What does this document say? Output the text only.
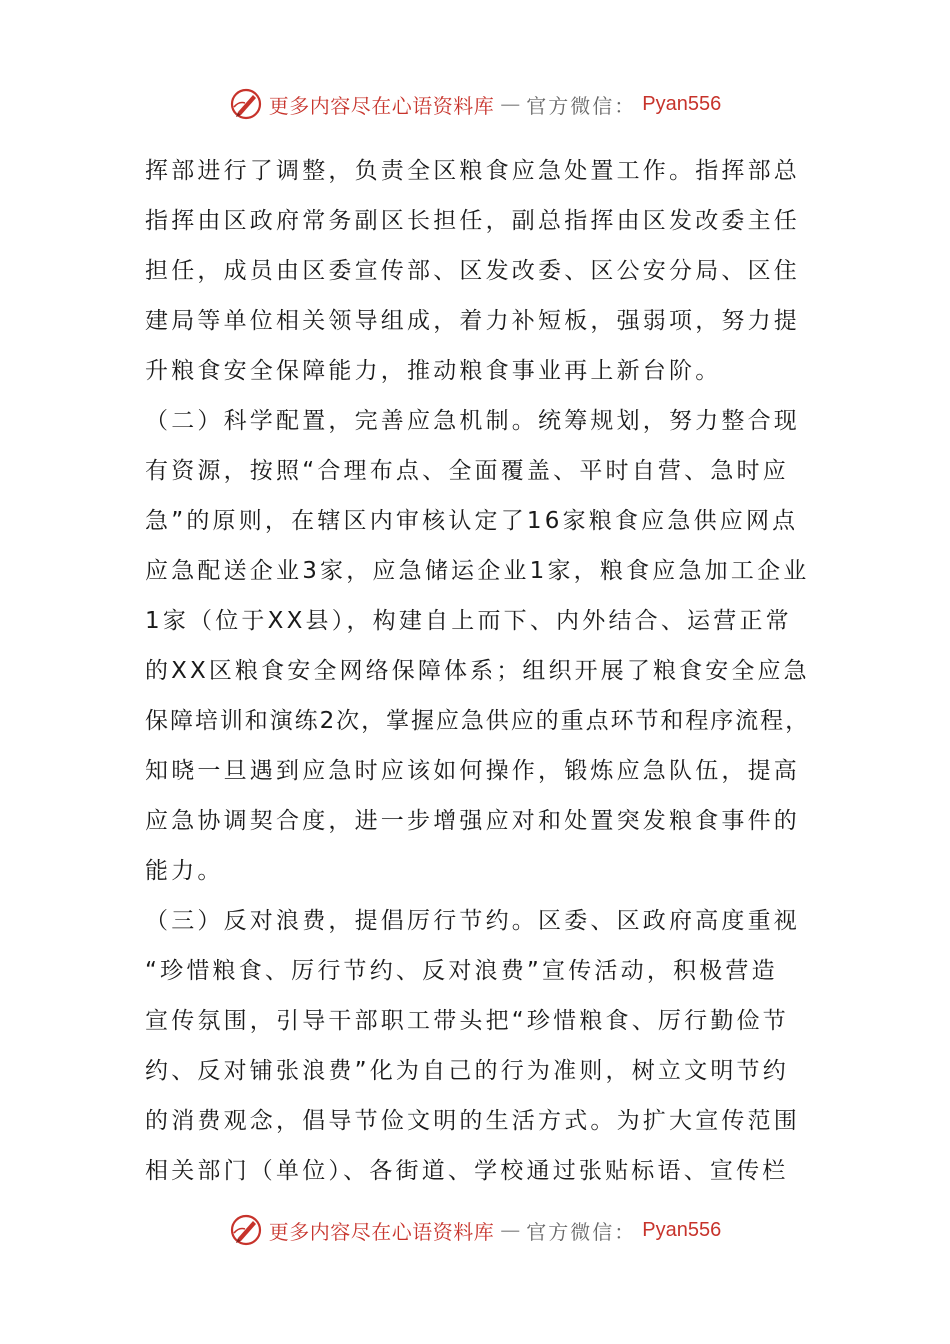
更多内容尽在心语资料库 — 官方微信： Pyan556
挥部进行了调整，负责全区粮食应急处置工作。指挥部总
指挥由区政府常务副区长担任，副总指挥由区发改委主任
担任，成员由区委宣传部、区发改委、区公安分局、区住
建局等单位相关领导组成，着力补短板，强弱项，努力提
升粮食安全保障能力，推动粮食事业再上新台阶。
（二）科学配置，完善应急机制。统筹规划，努力整合现
有资源，按照“合理布点、全面覆盖、平时自营、急时应
急”的原则，在辖区内审核认定了16家粮食应急供应网点
应急配送企业3家，应急储运企业1家，粮食应急加工企业
1家（位于XX县），构建自上而下、内外结合、运营正常
的XX区粮食安全网络保障体系；组织开展了粮食安全应急
保障培训和演练2次，掌握应急供应的重点环节和程序流程，
知晓一旦遇到应急时应该如何操作，锻炼应急队伍，提高
应急协调契合度，进一步增强应对和处置突发粮食事件的
能力。
（三）反对浪费，提倡厉行节约。区委、区政府高度重视
“珍惜粮食、厉行节约、反对浪费”宣传活动，积极营造
宣传氛围，引导干部职工带头把“珍惜粮食、厉行勤俭节
约、反对铺张浪费”化为自己的行为准则，树立文明节约
的消费观念，倡导节俭文明的生活方式。为扩大宣传范围
相关部门（单位）、各街道、学校通过张贴标语、宣传栏
更多内容尽在心语资料库 — 官方微信： Pyan556
